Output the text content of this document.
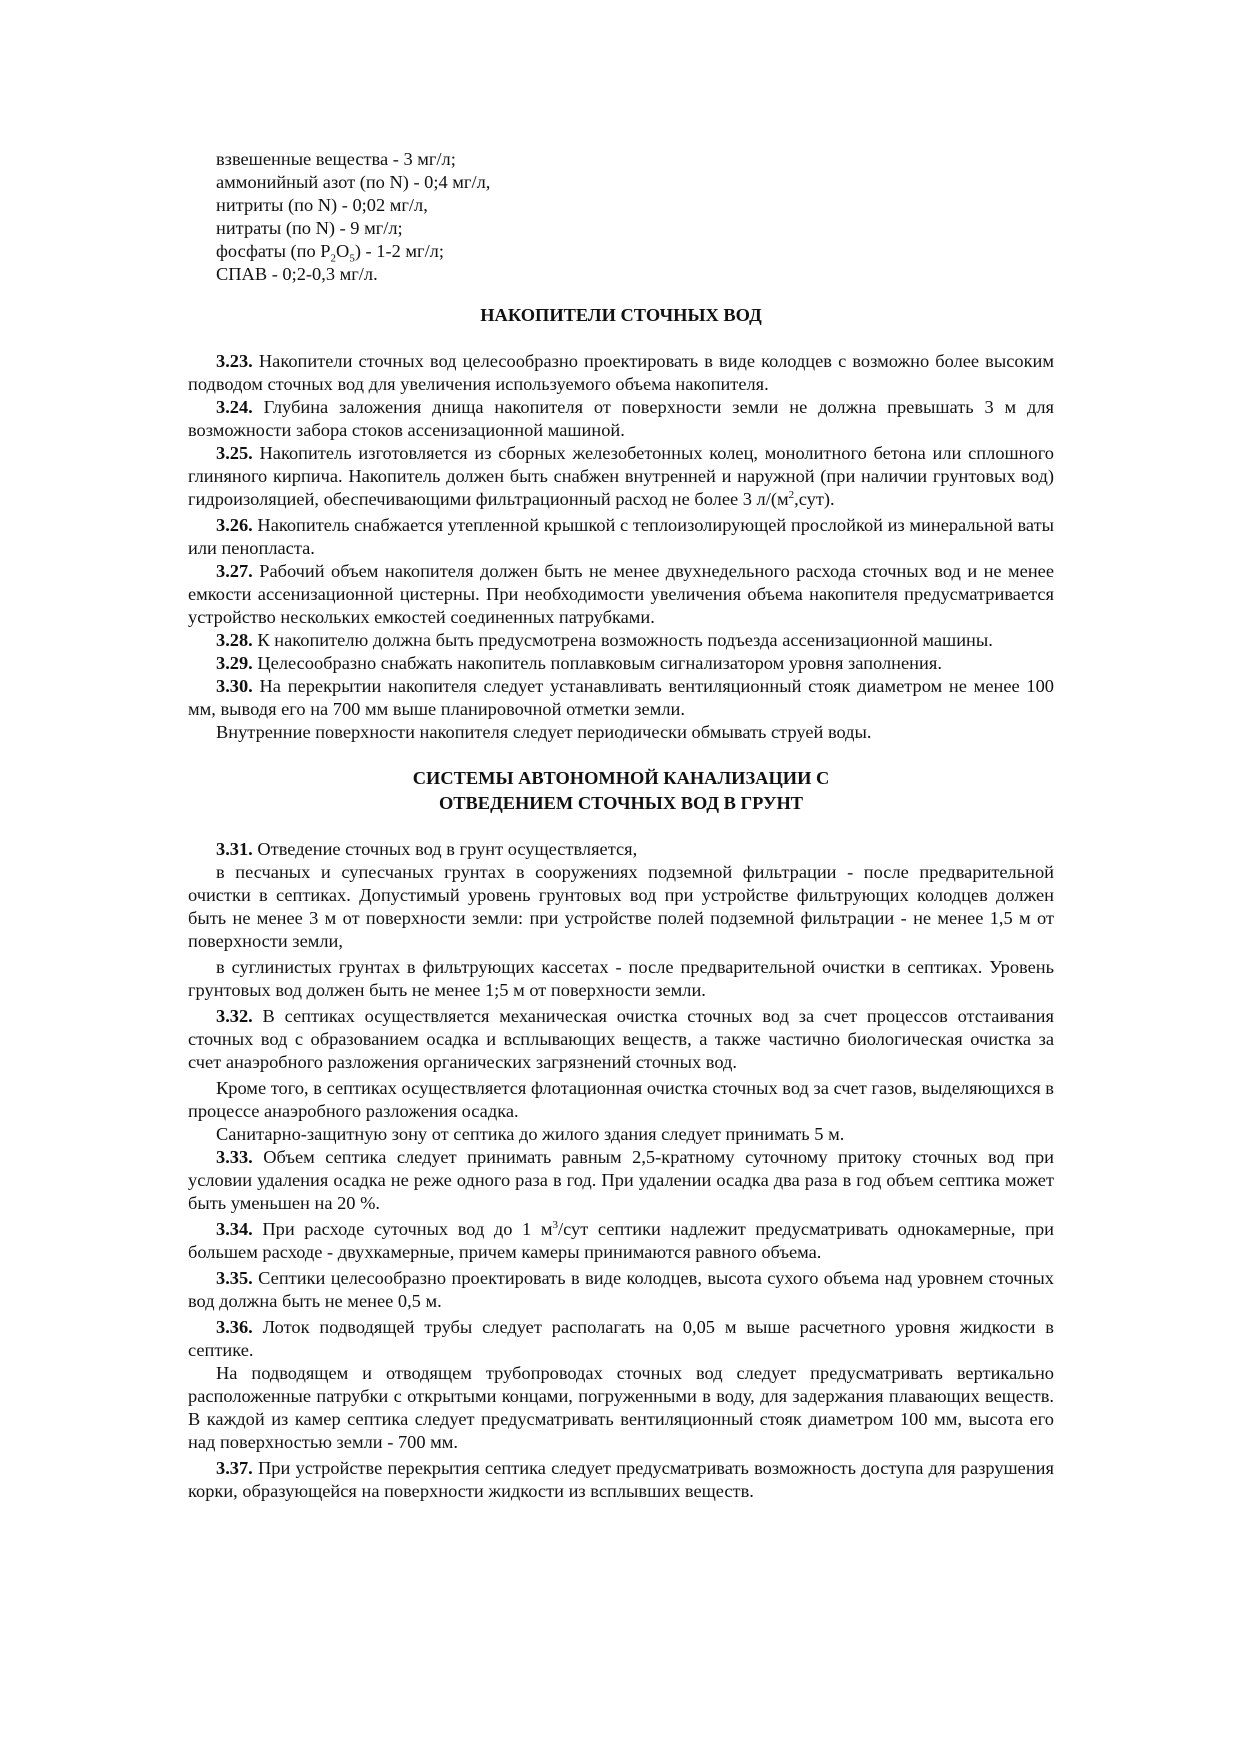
взвешенные вещества - 3 мг/л;
аммонийный азот (по N) - 0;4 мг/л,
нитриты (по N) - 0;02 мг/л,
нитраты (по N) - 9 мг/л;
фосфаты (по $P_2O_5) - 1-2$ мг/л;
СПАВ - 0;2-0,3 мг/л.
НАКОПИТЕЛИ СТОЧНЫХ ВОД

3.23. Накопители сточных вод целесообразно проектировать в виде колодцев с возможно более высоким подводом сточных вод для увеличения используемого объема накопителя.

3.24. Глубина заложения днища накопителя от поверхности земли не должна превышать 3 м для возможности забора стоков ассенизационной машиной.

3.25. Накопитель изготовляется из сборных железобетонных колец, монолитного бетона или сплошного глиняного кирпича. Накопитель должен быть снабжен внутренней и наружной (при наличии грунтовых вод) гидроизоляцией, обеспечивающими фильтрационный расход не более 3 $л/(м^2,сут)$.

3.26. Накопитель снабжается утепленной крышкой с теплоизолирующей прослойкой из минеральной ваты или пенопласта.

3.27. Рабочий объем накопителя должен быть не менее двухнедельного расхода сточных вод и не менее емкости ассенизационной цистерны. При необходимости увеличения объема накопителя предусматривается устройство нескольких емкостей соединенных патрубками.

3.28. К накопителю должна быть предусмотрена возможность подъезда ассенизационной машины.

3.29. Целесообразно снабжать накопитель поплавковым сигнализатором уровня заполнения.

3.30. На перекрытии накопителя следует устанавливать вентиляционный стояк диаметром не менее 100 мм, выводя его на 700 мм выше планировочной отметки земли.

Внутренние поверхности накопителя следует периодически обмывать струей воды.

СИСТЕМЫ АВТОНОМНОЙ КАНАЛИЗАЦИИ С
ОТВЕДЕНИЕМ СТОЧНЫХ ВОД В ГРУНТ

3.31. Отведение сточных вод в грунт осуществляется,

в песчаных и супесчаных грунтах в сооружениях подземной фильтрации - после предварительной очистки в септиках. Допустимый уровень грунтовых вод при устройстве фильтрующих колодцев должен быть не менее 3 м от поверхности земли: при устройстве полей подземной фильтрации - не менее 1,5 м от поверхности земли,

в суглинистых грунтах в фильтрующих кассетах - после предварительной очистки в септиках. Уровень грунтовых вод должен быть не менее 1;5 м от поверхности земли.

3.32. В септиках осуществляется механическая очистка сточных вод за счет процессов отстаивания сточных вод с образованием осадка и всплывающих веществ, а также частично биологическая очистка за счет анаэробного разложения органических загрязнений сточных вод.

Кроме того, в септиках осуществляется флотационная очистка сточных вод за счет газов, выделяющихся в процессе анаэробного разложения осадка.

Санитарно-защитную зону от септика до жилого здания следует принимать 5 м.

3.33. Объем септика следует принимать равным 2,5-кратному суточному притоку сточных вод при условии удаления осадка не реже одного раза в год. При удалении осадка два раза в год объем септика может быть уменьшен на 20 %.

3.34. При расходе суточных вод до 1 $м^3$/сут септики надлежит предусматривать однокамерные, при большем расходе - двухкамерные, причем камеры принимаются равного объема.

3.35. Септики целесообразно проектировать в виде колодцев, высота сухого объема над уровнем сточных вод должна быть не менее 0,5 м.

3.36. Лоток подводящей трубы следует располагать на 0,05 м выше расчетного уровня жидкости в септике.

На подводящем и отводящем трубопроводах сточных вод следует предусматривать вертикально расположенные патрубки с открытыми концами, погруженными в воду, для задержания плавающих веществ. В каждой из камер септика следует предусматривать вентиляционный стояк диаметром 100 мм, высота его над поверхностью земли - 700 мм.

3.37. При устройстве перекрытия септика следует предусматривать возможность доступа для разрушения корки, образующейся на поверхности жидкости из всплывших веществ.
